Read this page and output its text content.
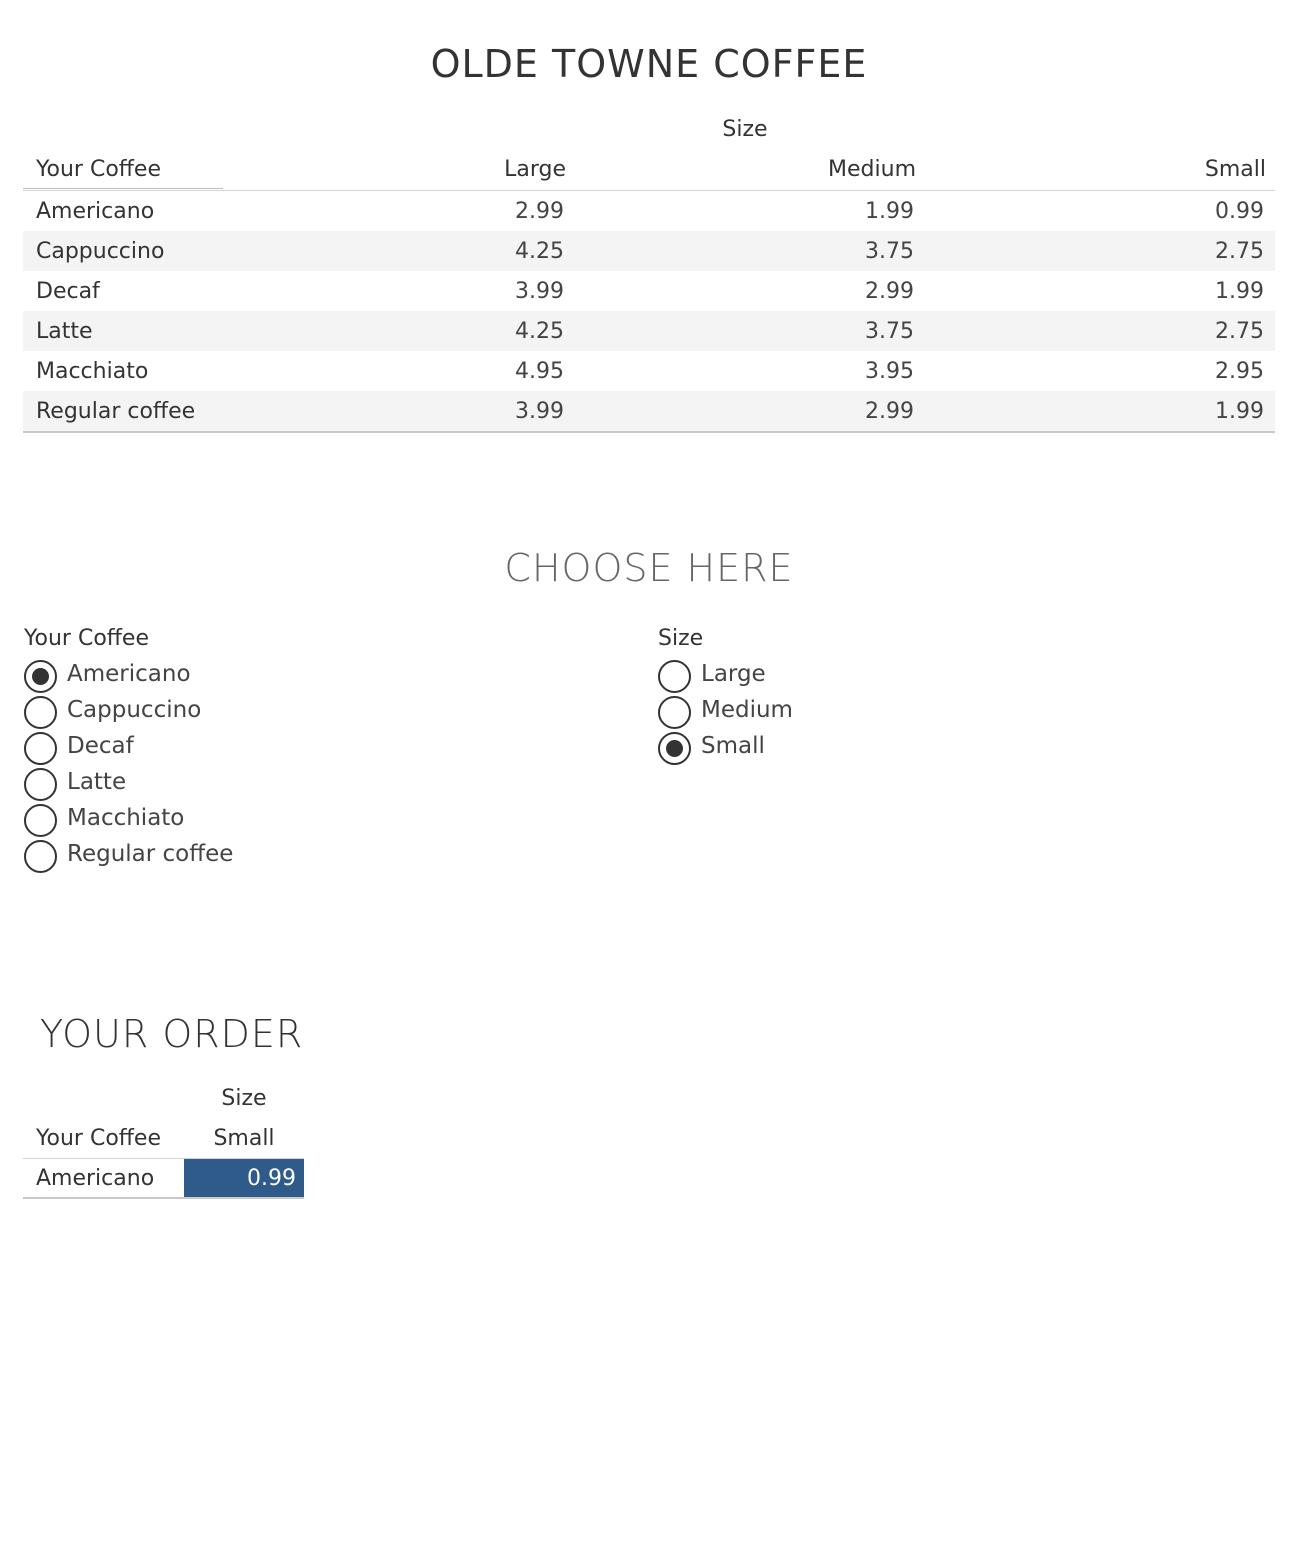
OLDE TOWNE COFFEE
Size
Your Coffee	Large	Medium	Small
Americano	2.99	1.99	0.99
Cappuccino	4.25	3.75	2.75
Decaf	3.99	2.99	1.99
Latte	4.25	3.75	2.75
Macchiato	4.95	3.95	2.95
Regular coffee	3.99	2.99	1.99
CHOOSE HERE
Your Coffee
Americano
Cappuccino
Decaf
Latte
Macchiato
Regular coffee
Size
Large
Medium
Small
YOUR ORDER
Size
Your Coffee	Small
Americano	0.99
